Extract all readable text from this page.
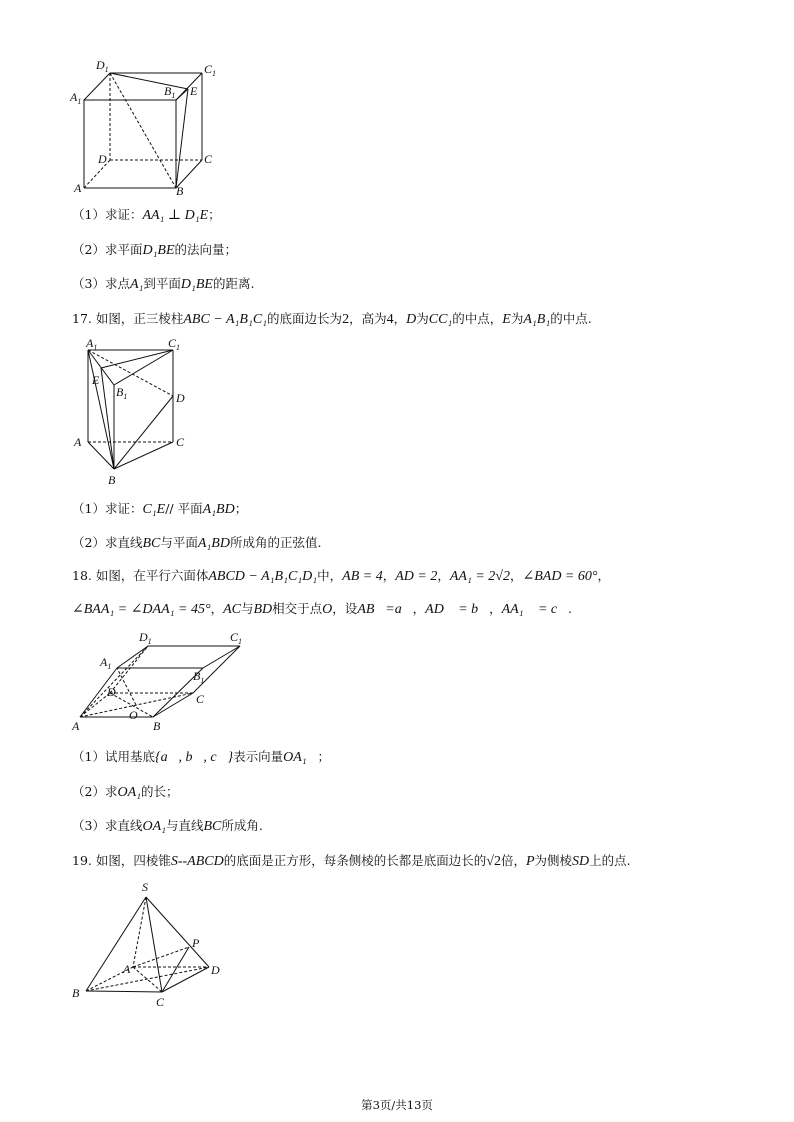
$D_1$	$C_1$
$A_1$
$B_1$ E
D	C
A	B
（1）求证：AA₁ ⊥ D₁E；
（2）求平面D₁BE的法向量；
（3）求点A₁到平面D₁BE的距离.
17. 如图，正三棱柱ABC − A₁B₁C₁的底面边长为2，高为4，D为CC₁的中点，E为A₁B₁的中点.
$A_1$	$C_1$
E
$B_1$	D
A	C
B
（1）求证：C₁E// 平面A₁BD；
（2）求直线BC与平面A₁BD所成角的正弦值.
18. 如图，在平行六面体ABCD − A₁B₁C₁D₁中，AB = 4，AD = 2，AA₁ = 2√2，∠BAD = 60°，
∠BAA₁ = ∠DAA₁ = 45°，AC与BD相交于点O，设AB⃗=a⃗，AD⃗ = b⃗，AA₁⃗ = c⃗.
$D_1$	$C_1$
$A_1$
$B_1$
D	C
O
A	B
（1）试用基底{a⃗, b⃗, c⃗}表示向量OA₁⃗；
（2）求OA₁的长；
（3）求直线OA₁与直线BC所成角.
19. 如图，四棱锥S--ABCD的底面是正方形，每条侧棱的长都是底面边长的√2倍，P为侧棱SD上的点.
S
P
A	D
B
C
第3页/共13页
